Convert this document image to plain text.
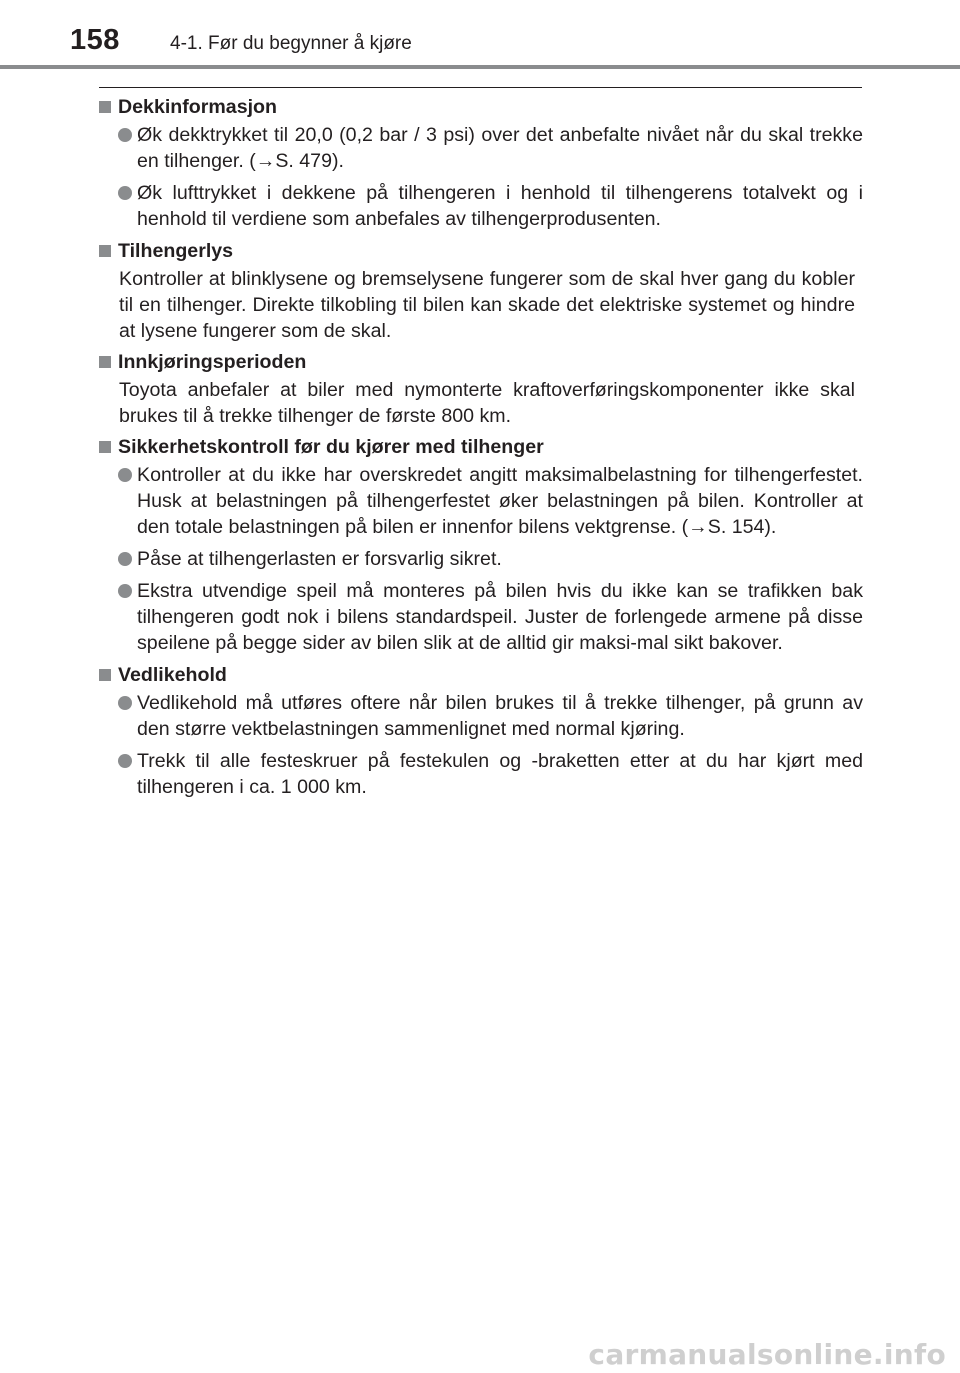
158	4-1. Før du begynner å kjøre
Dekkinformasjon
Øk dekktrykket til 20,0 (0,2 bar / 3 psi) over det anbefalte nivået når du skal trekke en tilhenger. (→S. 479).
Øk lufttrykket i dekkene på tilhengeren i henhold til tilhengerens totalvekt og i henhold til verdiene som anbefales av tilhengerprodusenten.
Tilhengerlys
Kontroller at blinklysene og bremselysene fungerer som de skal hver gang du kobler til en tilhenger. Direkte tilkobling til bilen kan skade det elektriske systemet og hindre at lysene fungerer som de skal.
Innkjøringsperioden
Toyota anbefaler at biler med nymonterte kraftoverføringskomponenter ikke skal brukes til å trekke tilhenger de første 800 km.
Sikkerhetskontroll før du kjører med tilhenger
Kontroller at du ikke har overskredet angitt maksimalbelastning for tilhengerfestet. Husk at belastningen på tilhengerfestet øker belastningen på bilen. Kontroller at den totale belastningen på bilen er innenfor bilens vektgrense. (→S. 154).
Påse at tilhengerlasten er forsvarlig sikret.
Ekstra utvendige speil må monteres på bilen hvis du ikke kan se trafikken bak tilhengeren godt nok i bilens standardspeil. Juster de forlengede armene på disse speilene på begge sider av bilen slik at de alltid gir maksi-mal sikt bakover.
Vedlikehold
Vedlikehold må utføres oftere når bilen brukes til å trekke tilhenger, på grunn av den større vektbelastningen sammenlignet med normal kjøring.
Trekk til alle festeskruer på festekulen og -braketten etter at du har kjørt med tilhengeren i ca. 1 000 km.
carmanualsonline.info
